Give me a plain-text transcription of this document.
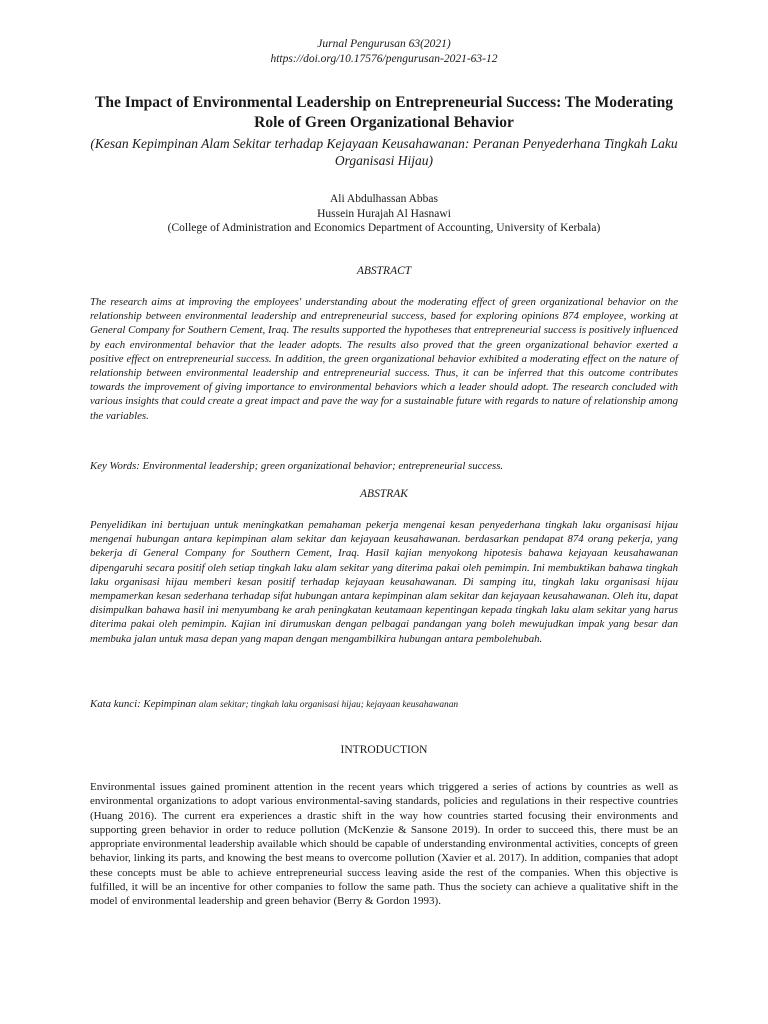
Jurnal Pengurusan 63(2021)
https://doi.org/10.17576/pengurusan-2021-63-12
The Impact of Environmental Leadership on Entrepreneurial Success: The Moderating Role of Green Organizational Behavior
(Kesan Kepimpinan Alam Sekitar terhadap Kejayaan Keusahawanan: Peranan Penyederhana Tingkah Laku Organisasi Hijau)
Ali Abdulhassan Abbas
Hussein Hurajah Al Hasnawi
(College of Administration and Economics Department of Accounting, University of Kerbala)
ABSTRACT
The research aims at improving the employees' understanding about the moderating effect of green organizational behavior on the relationship between environmental leadership and entrepreneurial success, based for exploring opinions 874 employee, working at General Company for Southern Cement, Iraq. The results supported the hypotheses that entrepreneurial success is positively influenced by each environmental behavior that the leader adopts. The results also proved that the green organizational behavior exerted a positive effect on entrepreneurial success. In addition, the green organizational behavior exhibited a moderating effect on the nature of relationship between environmental leadership and entrepreneurial success. Thus, it can be inferred that this outcome contributes towards the improvement of giving importance to environmental behaviors which a leader should adopt. The research concluded with various insights that could create a great impact and pave the way for a sustainable future with regards to nature of relationship among the variables.
Key Words: Environmental leadership; green organizational behavior; entrepreneurial success.
ABSTRAK
Penyelidikan ini bertujuan untuk meningkatkan pemahaman pekerja mengenai kesan penyederhana tingkah laku organisasi hijau mengenai hubungan antara kepimpinan alam sekitar dan kejayaan keusahawanan. berdasarkan pendapat 874 orang pekerja, yang bekerja di General Company for Southern Cement, Iraq. Hasil kajian menyokong hipotesis bahawa kejayaan keusahawanan dipengaruhi secara positif oleh setiap tingkah laku alam sekitar yang diterima pakai oleh pemimpin. Ini membuktikan bahawa tingkah laku organisasi hijau memberi kesan positif terhadap kejayaan keusahawanan. Di samping itu, tingkah laku organisasi hijau mempamerkan kesan sederhana terhadap sifat hubungan antara kepimpinan alam sekitar dan kejayaan keusahawanan. Oleh itu, dapat disimpulkan bahawa hasil ini menyumbang ke arah peningkatan keutamaan kepentingan kepada tingkah laku alam sekitar yang harus diterima pakai oleh pemimpin. Kajian ini dirumuskan dengan pelbagai pandangan yang boleh mewujudkan impak yang besar dan membuka jalan untuk masa depan yang mapan dengan mengambilkira hubungan antara pembolehubah.
Kata kunci: Kepimpinan alam sekitar; tingkah laku organisasi hijau; kejayaan keusahawanan
INTRODUCTION
Environmental issues gained prominent attention in the recent years which triggered a series of actions by countries as well as environmental organizations to adopt various environmental-saving standards, policies and regulations in their respective countries (Huang 2016). The current era experiences a drastic shift in the way how countries started focusing their environments and supporting green behavior in order to reduce pollution (McKenzie & Sansone 2019). In order to succeed this, there must be an appropriate environmental leadership available which should be capable of understanding environmental activities, concepts of green behavior, linking its parts, and knowing the best means to overcome pollution (Xavier et al. 2017). In addition, companies that adopt these concepts must be able to achieve entrepreneurial success leaving aside the rest of the companies. When this objective is fulfilled, it will be an incentive for other companies to follow the same path. Thus the society can achieve a qualitative shift in the model of environmental leadership and green behavior (Berry & Gordon 1993).
